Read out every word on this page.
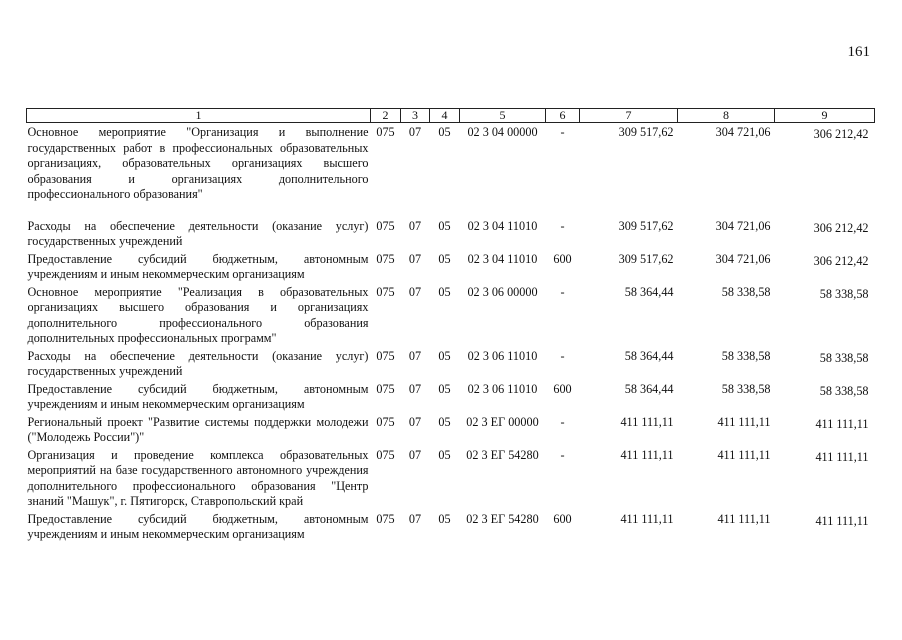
161
1	2	3	4	5	6	7	8	9
Основное мероприятие "Организация и выполнение государственных работ в профессиональных образовательных организациях, образовательных организациях высшего образования и организациях дополнительного профессионального образования"	075	07	05	02 3 04 00000	-	309 517,62	304 721,06	306 212,42

Расходы на обеспечение деятельности (оказание услуг) государственных учреждений	075	07	05	02 3 04 11010	-	309 517,62	304 721,06	306 212,42
Предоставление субсидий бюджетным, автономным учреждениям и иным некоммерческим организациям	075	07	05	02 3 04 11010	600	309 517,62	304 721,06	306 212,42
Основное мероприятие "Реализация в образовательных организациях высшего образования и организациях дополнительного профессионального образования дополнительных профессиональных программ"	075	07	05	02 3 06 00000	-	58 364,44	58 338,58	58 338,58
Расходы на обеспечение деятельности (оказание услуг) государственных учреждений	075	07	05	02 3 06 11010	-	58 364,44	58 338,58	58 338,58
Предоставление субсидий бюджетным, автономным учреждениям и иным некоммерческим организациям	075	07	05	02 3 06 11010	600	58 364,44	58 338,58	58 338,58
Региональный проект "Развитие системы поддержки молодежи ("Молодежь России")"	075	07	05	02 3 ЕГ 00000	-	411 111,11	411 111,11	411 111,11
Организация и проведение комплекса образовательных мероприятий на базе государственного автономного учреждения дополнительного профессионального образования "Центр знаний "Машук", г. Пятигорск, Ставропольский край	075	07	05	02 3 ЕГ 54280	-	411 111,11	411 111,11	411 111,11
Предоставление субсидий бюджетным, автономным учреждениям и иным некоммерческим организациям	075	07	05	02 3 ЕГ 54280	600	411 111,11	411 111,11	411 111,11
